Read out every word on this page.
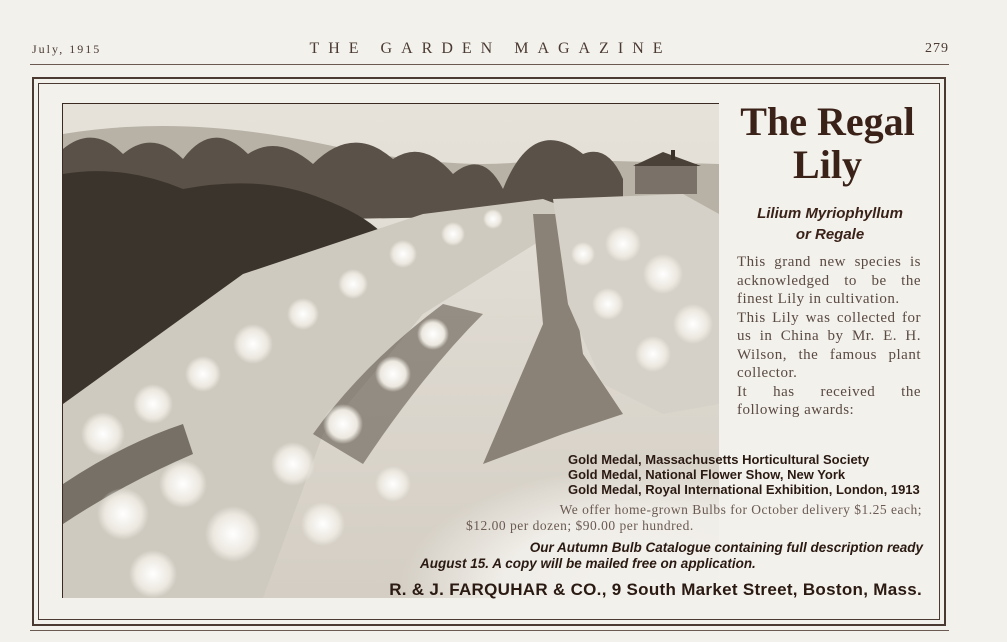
July, 1915	THE GARDEN MAGAZINE	279
The Regal
Lily
Lilium Myriophyllum
or Regale

This grand new species is acknowledged to be the finest Lily in cultivation.

This Lily was collected for us in China by Mr. E. H. Wilson, the famous plant collector.

It has received the following awards:

Gold Medal, Massachusetts Horticultural Society
Gold Medal, National Flower Show, New York
Gold Medal, Royal International Exhibition, London, 1913
We offer home-grown Bulbs for October delivery $1.25 each;
$12.00 per dozen; $90.00 per hundred.
Our Autumn Bulb Catalogue containing full description ready
August 15. A copy will be mailed free on application.
R. & J. FARQUHAR & CO., 9 South Market Street, Boston, Mass.
